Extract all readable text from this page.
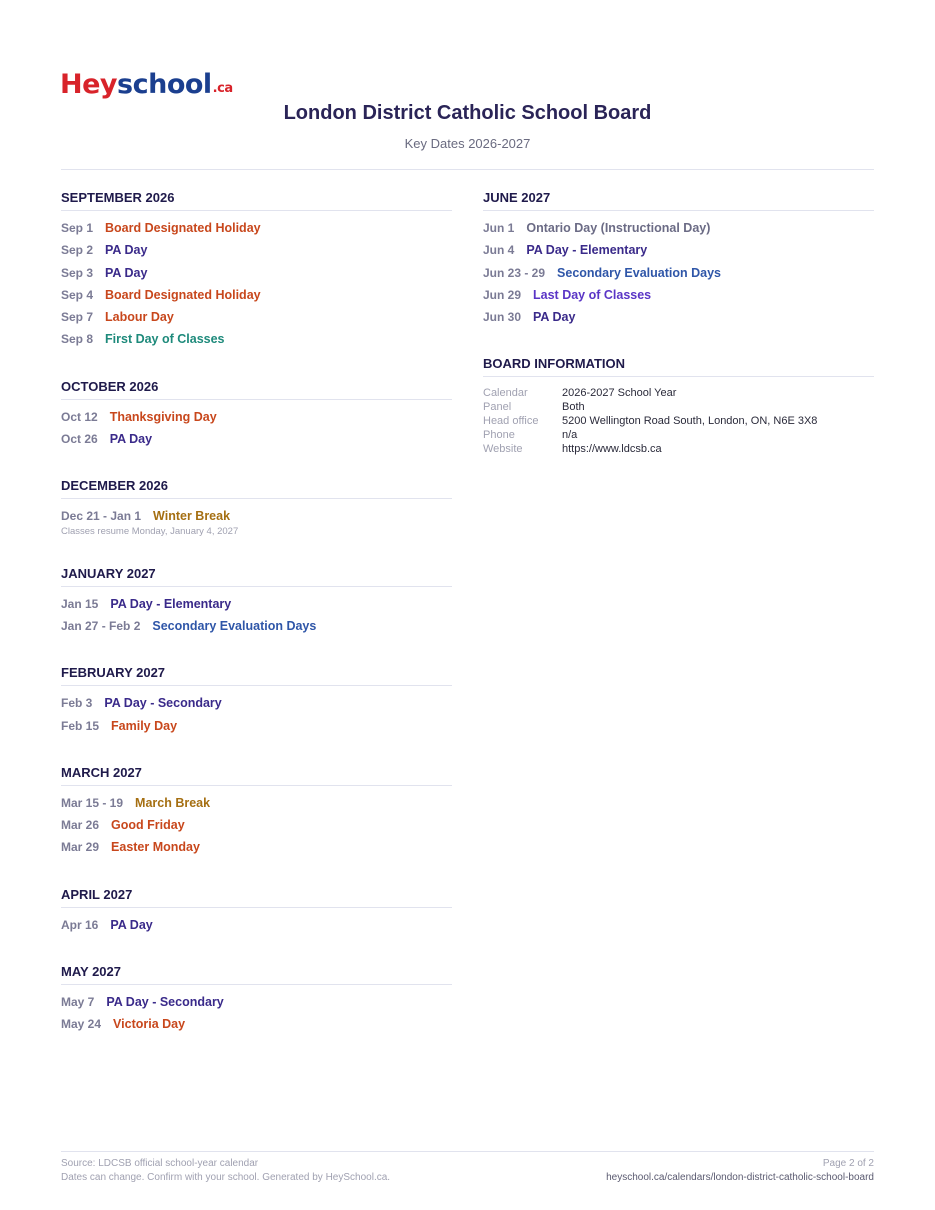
Hey school .ca
London District Catholic School Board
Key Dates 2026-2027
SEPTEMBER 2026
Sep 1 Board Designated Holiday
Sep 2 PA Day
Sep 3 PA Day
Sep 4 Board Designated Holiday
Sep 7 Labour Day
Sep 8 First Day of Classes
OCTOBER 2026
Oct 12 Thanksgiving Day
Oct 26 PA Day
DECEMBER 2026
Dec 21 - Jan 1 Winter Break
Classes resume Monday, January 4, 2027
JANUARY 2027
Jan 15 PA Day - Elementary
Jan 27 - Feb 2 Secondary Evaluation Days
FEBRUARY 2027
Feb 3 PA Day - Secondary
Feb 15 Family Day
MARCH 2027
Mar 15 - 19 March Break
Mar 26 Good Friday
Mar 29 Easter Monday
APRIL 2027
Apr 16 PA Day
MAY 2027
May 7 PA Day - Secondary
May 24 Victoria Day
JUNE 2027
Jun 1 Ontario Day (Instructional Day)
Jun 4 PA Day - Elementary
Jun 23 - 29 Secondary Evaluation Days
Jun 29 Last Day of Classes
Jun 30 PA Day
BOARD INFORMATION
Calendar	2026-2027 School Year
Panel	Both
Head office	5200 Wellington Road South, London, ON, N6E 3X8
Phone	n/a
Website	https://www.ldcsb.ca
Source: LDCSB official school-year calendar
Dates can change. Confirm with your school. Generated by HeySchool.ca.
Page 2 of 2
heyschool.ca/calendars/london-district-catholic-school-board
